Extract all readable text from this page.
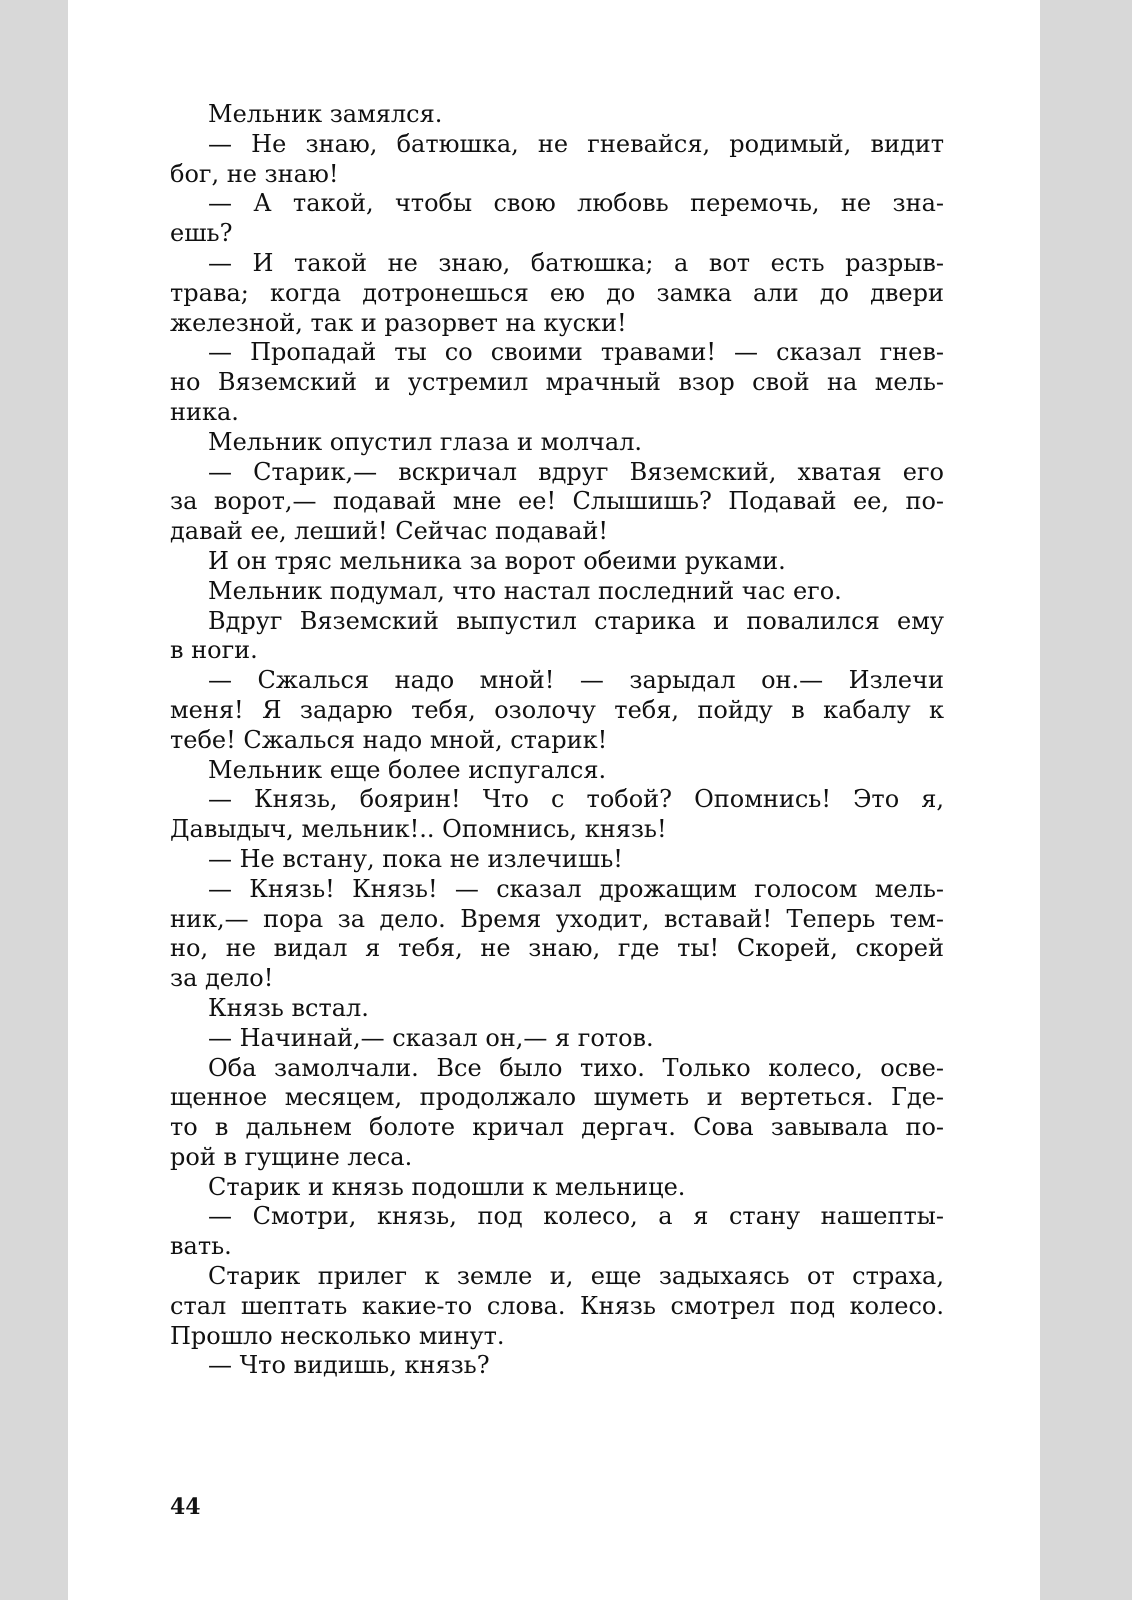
Мельник замялся.
— Не знаю, батюшка, не гневайся, родимый, видит
бог, не знаю!
— А такой, чтобы свою любовь перемочь, не зна-
ешь?
— И такой не знаю, батюшка; а вот есть разрыв-
трава; когда дотронешься ею до замка али до двери
железной, так и разорвет на куски!
— Пропадай ты со своими травами! — сказал гнев-
но Вяземский и устремил мрачный взор свой на мель-
ника.
Мельник опустил глаза и молчал.
— Старик,— вскричал вдруг Вяземский, хватая его
за ворот,— подавай мне ее! Слышишь? Подавай ее, по-
давай ее, леший! Сейчас подавай!
И он тряс мельника за ворот обеими руками.
Мельник подумал, что настал последний час его.
Вдруг Вяземский выпустил старика и повалился ему
в ноги.
— Сжалься надо мной! — зарыдал он.— Излечи
меня! Я задарю тебя, озолочу тебя, пойду в кабалу к
тебе! Сжалься надо мной, старик!
Мельник еще более испугался.
— Князь, боярин! Что с тобой? Опомнись! Это я,
Давыдыч, мельник!.. Опомнись, князь!
— Не встану, пока не излечишь!
— Князь! Князь! — сказал дрожащим голосом мель-
ник,— пора за дело. Время уходит, вставай! Теперь тем-
но, не видал я тебя, не знаю, где ты! Скорей, скорей
за дело!
Князь встал.
— Начинай,— сказал он,— я готов.
Оба замолчали. Все было тихо. Только колесо, осве-
щенное месяцем, продолжало шуметь и вертеться. Где-
то в дальнем болоте кричал дергач. Сова завывала по-
рой в гущине леса.
Старик и князь подошли к мельнице.
— Смотри, князь, под колесо, а я стану нашепты-
вать.
Старик прилег к земле и, еще задыхаясь от страха,
стал шептать какие-то слова. Князь смотрел под колесо.
Прошло несколько минут.
— Что видишь, князь?
44
